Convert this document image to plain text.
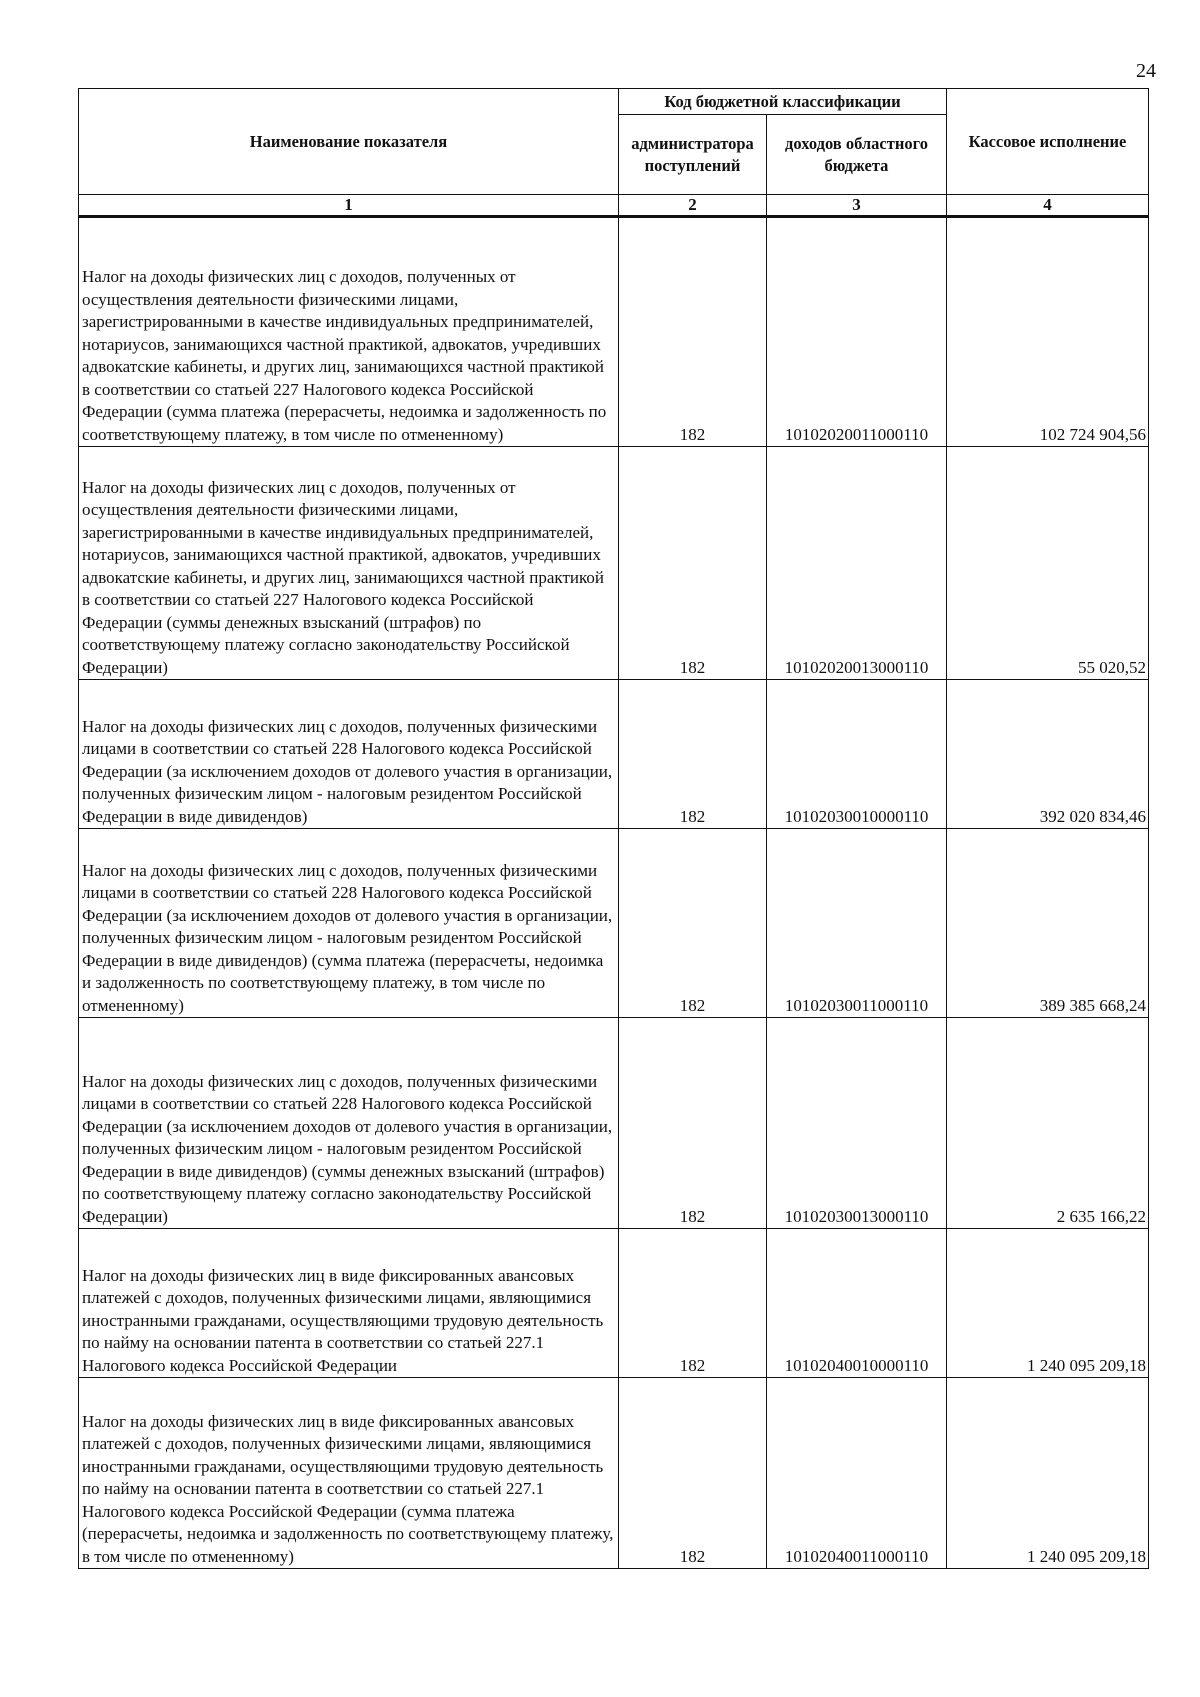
24
Наименование показателя	Код бюджетной классификации		Кассовое исполнение
	администратора поступлений	доходов областного бюджета	
1	2	3	4

Налог на доходы физических лиц с доходов, полученных от осуществления деятельности физическими лицами, зарегистрированными в качестве индивидуальных предпринимателей, нотариусов, занимающихся частной практикой, адвокатов, учредивших адвокатские кабинеты, и других лиц, занимающихся частной практикой в соответствии со статьей 227 Налогового кодекса Российской Федерации (сумма платежа (перерасчеты, недоимка и задолженность по соответствующему платежу, в том числе по отмененному)	182	10102020011000110	102 724 904,56

Налог на доходы физических лиц с доходов, полученных от осуществления деятельности физическими лицами, зарегистрированными в качестве индивидуальных предпринимателей, нотариусов, занимающихся частной практикой, адвокатов, учредивших адвокатские кабинеты, и других лиц, занимающихся частной практикой в соответствии со статьей 227 Налогового кодекса Российской Федерации (суммы денежных взысканий (штрафов) по соответствующему платежу согласно законодательству Российской Федерации)	182	10102020013000110	55 020,52

Налог на доходы физических лиц с доходов, полученных физическими лицами в соответствии со статьей 228 Налогового кодекса Российской Федерации (за исключением доходов от долевого участия в организации, полученных физическим лицом - налоговым резидентом Российской Федерации в виде дивидендов)	182	10102030010000110	392 020 834,46

Налог на доходы физических лиц с доходов, полученных физическими лицами в соответствии со статьей 228 Налогового кодекса Российской Федерации (за исключением доходов от долевого участия в организации, полученных физическим лицом - налоговым резидентом Российской Федерации в виде дивидендов) (сумма платежа (перерасчеты, недоимка и задолженность по соответствующему платежу, в том числе по отмененному)	182	10102030011000110	389 385 668,24

Налог на доходы физических лиц с доходов, полученных физическими лицами в соответствии со статьей 228 Налогового кодекса Российской Федерации (за исключением доходов от долевого участия в организации, полученных физическим лицом - налоговым резидентом Российской Федерации в виде дивидендов) (суммы денежных взысканий (штрафов) по соответствующему платежу согласно законодательству Российской Федерации)	182	10102030013000110	2 635 166,22

Налог на доходы физических лиц в виде фиксированных авансовых платежей с доходов, полученных физическими лицами, являющимися иностранными гражданами, осуществляющими трудовую деятельность по найму на основании патента в соответствии со статьей 227.1 Налогового кодекса Российской Федерации	182	10102040010000110	1 240 095 209,18

Налог на доходы физических лиц в виде фиксированных авансовых платежей с доходов, полученных физическими лицами, являющимися иностранными гражданами, осуществляющими трудовую деятельность по найму на основании патента в соответствии со статьей 227.1 Налогового кодекса Российской Федерации (сумма платежа (перерасчеты, недоимка и задолженность по соответствующему платежу, в том числе по отмененному)	182	10102040011000110	1 240 095 209,18
